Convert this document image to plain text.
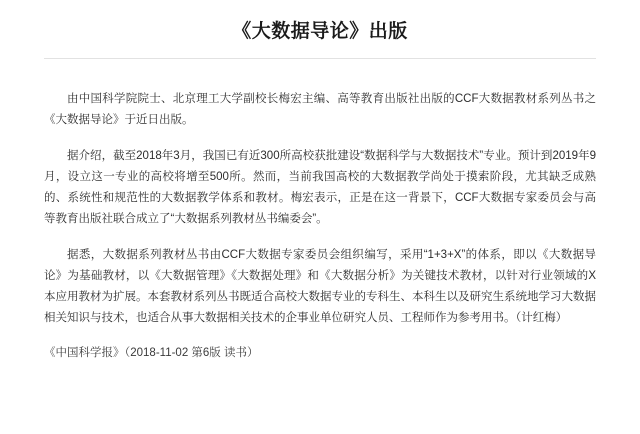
《大数据导论》出版

由中国科学院院士、北京理工大学副校长梅宏主编、高等教育出版社出版的CCF大数据教材系列丛书之《大数据导论》于近日出版。

据介绍，截至2018年3月，我国已有近300所高校获批建设“数据科学与大数据技术”专业。预计到2019年9月，设立这一专业的高校将增至500所。然而，当前我国高校的大数据教学尚处于摸索阶段，尤其缺乏成熟的、系统性和规范性的大数据教学体系和教材。梅宏表示，正是在这一背景下，CCF大数据专家委员会与高等教育出版社联合成立了“大数据系列教材丛书编委会”。

据悉，大数据系列教材丛书由CCF大数据专家委员会组织编写，采用“1+3+X”的体系，即以《大数据导论》为基础教材，以《大数据管理》《大数据处理》和《大数据分析》为关键技术教材，以针对行业领域的X本应用教材为扩展。本套教材系列丛书既适合高校大数据专业的专科生、本科生以及研究生系统地学习大数据相关知识与技术，也适合从事大数据相关技术的企事业单位研究人员、工程师作为参考用书。（计红梅）

《中国科学报》（2018-11-02 第6版 读书）
